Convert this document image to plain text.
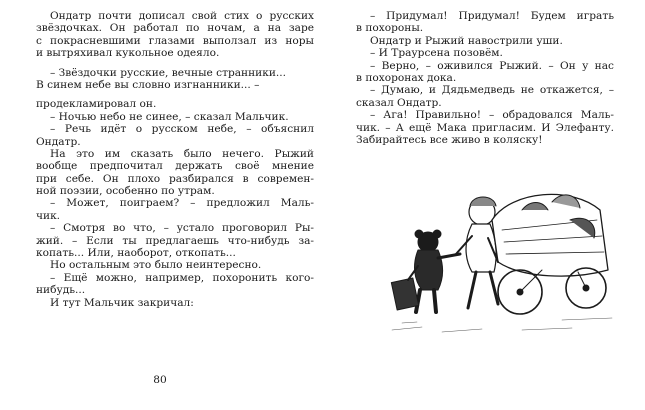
Ондатр почти дописал свой стих о русских
звёздочках. Он работал по ночам, а на заре
с покрасневшими глазами выползал из норы
и вытряхивал кукольное одеяло.
– Звёздочки русские, вечные странники...
В синем небе вы словно изгнанники... –
продекламировал он.
– Ночью небо не синее, – сказал Мальчик.
– Речь идёт о русском небе, – объяснил
Ондатр.
На это им сказать было нечего. Рыжий
вообще предпочитал держать своё мнение
при себе. Он плохо разбирался в современ-
ной поэзии, особенно по утрам.
– Может, поиграем? – предложил Маль-
чик.
– Смотря во что, – устало проговорил Ры-
жий. – Если ты предлагаешь что-нибудь за-
копать... Или, наоборот, откопать...
Но остальным это было неинтересно.
– Ещё можно, например, похоронить кого-
нибудь...
И тут Мальчик закричал:
80
– Придумал! Придумал! Будем играть
в похороны.
Ондатр и Рыжий навострили уши.
– И Траурсена позовём.
– Верно, – оживился Рыжий. – Он у нас
в похоронах дока.
– Думаю, и Дядьмедведь не откажется, –
сказал Ондатр.
– Ага! Правильно! – обрадовался Маль-
чик. – А ещё Мака пригласим. И Элефанту.
Забирайтесь все живо в коляску!
